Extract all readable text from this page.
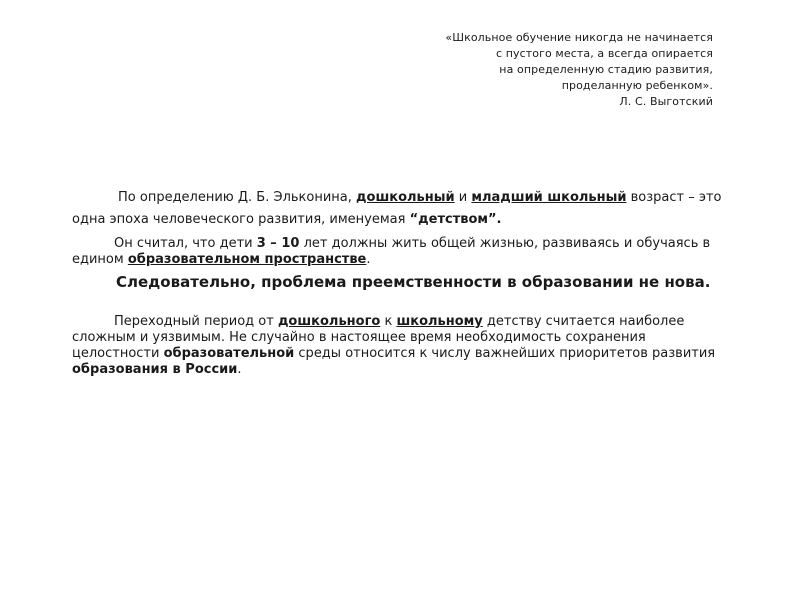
«Школьное обучение никогда не начинается
с пустого места, а всегда опирается
на определенную стадию развития,
проделанную ребенком».
Л. С. Выготский
По определению Д. Б. Эльконина, дошкольный и младший школьный возраст – это
одна эпоха человеческого развития, именуемая “детством”.
Он считал, что дети 3 – 10 лет должны жить общей жизнью, развиваясь и обучаясь в
едином образовательном пространстве.
Следовательно, проблема преемственности в образовании не нова.
Переходный период от дошкольного к школьному детству считается наиболее
сложным и уязвимым. Не случайно в настоящее время необходимость сохранения
целостности образовательной среды относится к числу важнейших приоритетов развития
образования в России.
